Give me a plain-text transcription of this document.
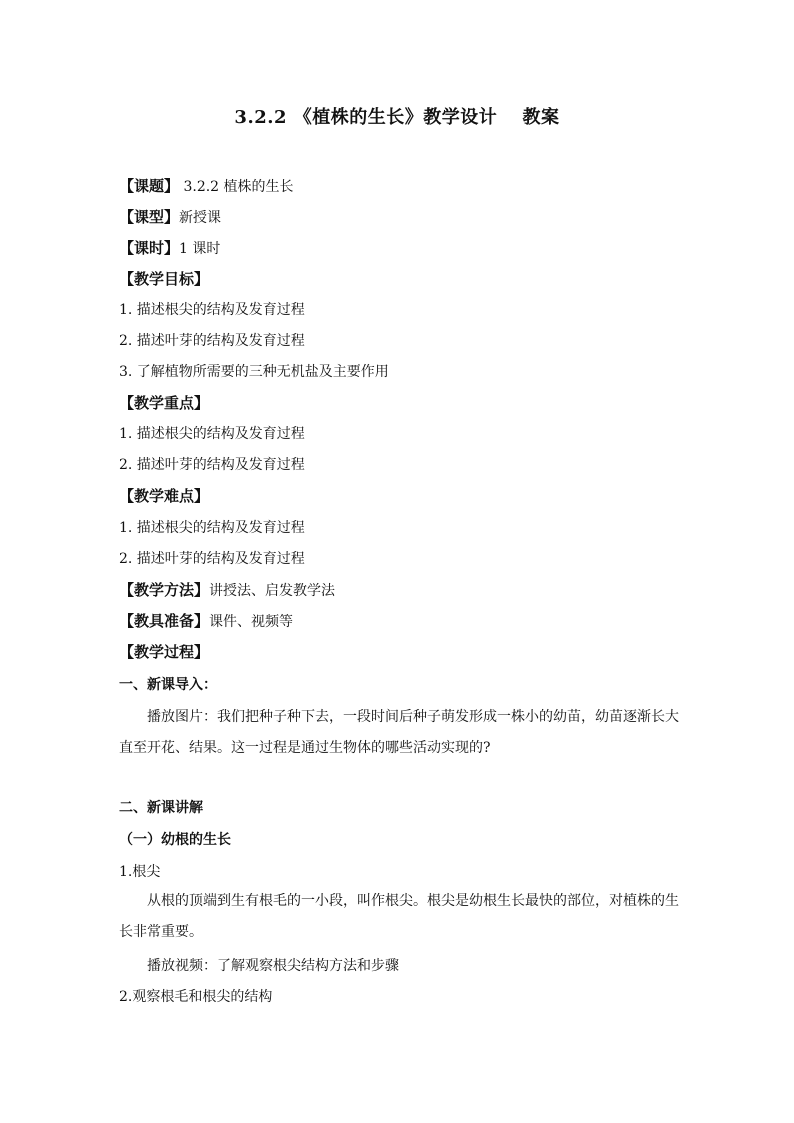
3.2.2 《植株的生长》教学设计　 教案
【课题】 3.2.2 植株的生长
【课型】新授课
【课时】1 课时
【教学目标】
1. 描述根尖的结构及发育过程
2. 描述叶芽的结构及发育过程
3. 了解植物所需要的三种无机盐及主要作用
【教学重点】
1. 描述根尖的结构及发育过程
2. 描述叶芽的结构及发育过程
【教学难点】
1. 描述根尖的结构及发育过程
2. 描述叶芽的结构及发育过程
【教学方法】讲授法、启发教学法
【教具准备】课件、视频等
【教学过程】
一、新课导入：
播放图片：我们把种子种下去，一段时间后种子萌发形成一株小的幼苗，幼苗逐渐长大直至开花、结果。这一过程是通过生物体的哪些活动实现的?
二、新课讲解
（一）幼根的生长
1.根尖
从根的顶端到生有根毛的一小段，叫作根尖。根尖是幼根生长最快的部位，对植株的生长非常重要。
播放视频：了解观察根尖结构方法和步骤
2.观察根毛和根尖的结构
